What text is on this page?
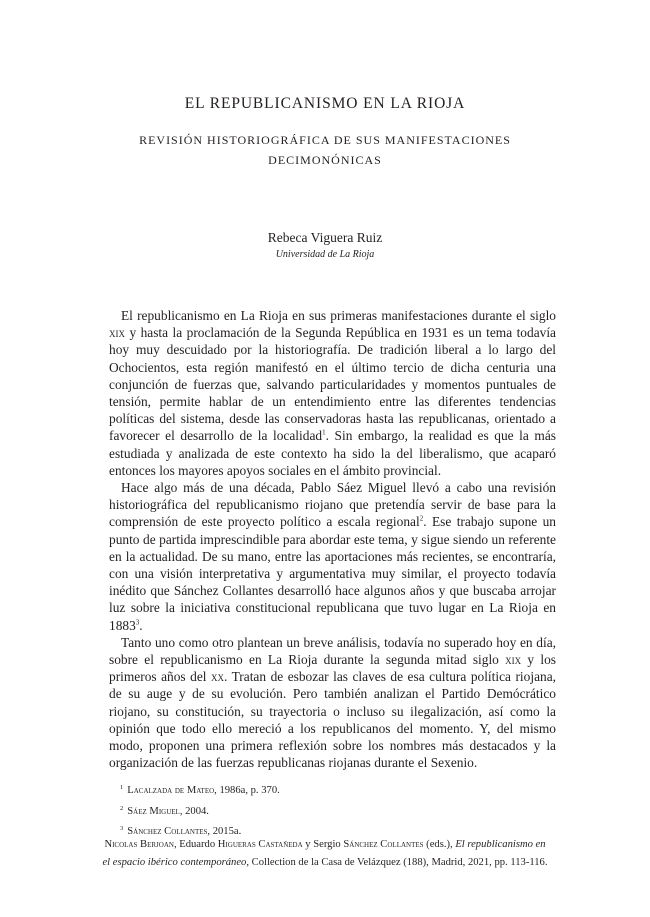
EL REPUBLICANISMO EN LA RIOJA
REVISIÓN HISTORIOGRÁFICA DE SUS MANIFESTACIONES
DECIMONÓNICAS
Rebeca Viguera Ruiz
Universidad de La Rioja

El republicanismo en La Rioja en sus primeras manifestaciones durante el siglo xix y hasta la proclamación de la Segunda República en 1931 es un tema todavía hoy muy descuidado por la historiografía. De tradición liberal a lo largo del Ochocientos, esta región manifestó en el último tercio de dicha centuria una conjunción de fuerzas que, salvando particularidades y momentos puntuales de tensión, permite hablar de un entendimiento entre las diferentes tendencias políticas del sistema, desde las conservadoras hasta las republicanas, orientado a favorecer el desarrollo de la localidad$^1$. Sin embargo, la realidad es que la más estudiada y analizada de este contexto ha sido la del liberalismo, que acaparó entonces los mayores apoyos sociales en el ámbito provincial.

Hace algo más de una década, Pablo Sáez Miguel llevó a cabo una revisión historiográfica del republicanismo riojano que pretendía servir de base para la comprensión de este proyecto político a escala regional$^2$. Ese trabajo supone un punto de partida imprescindible para abordar este tema, y sigue siendo un referente en la actualidad. De su mano, entre las aportaciones más recientes, se encontraría, con una visión interpretativa y argumentativa muy similar, el proyecto todavía inédito que Sánchez Collantes desarrolló hace algunos años y que buscaba arrojar luz sobre la iniciativa constitucional republicana que tuvo lugar en La Rioja en 1883$^3$.

Tanto uno como otro plantean un breve análisis, todavía no superado hoy en día, sobre el republicanismo en La Rioja durante la segunda mitad siglo xix y los primeros años del xx. Tratan de esbozar las claves de esa cultura política riojana, de su auge y de su evolución. Pero también analizan el Partido Demócrático riojano, su constitución, su trayectoria o incluso su ilegalización, así como la opinión que todo ello mereció a los republicanos del momento. Y, del mismo modo, proponen una primera reflexión sobre los nombres más destacados y la organización de las fuerzas republicanas riojanas durante el Sexenio.

$^1$ Lacalzada de Mateo, 1986a, p. 370.
$^2$ Sáez Miguel, 2004.
$^3$ Sánchez Collantes, 2015a.
Nicolas Berjoan, Eduardo Higueras Castañeda y Sergio Sánchez Collantes (eds.), El republicanismo en el espacio ibérico contemporáneo, Collection de la Casa de Velázquez (188), Madrid, 2021, pp. 113-116.
